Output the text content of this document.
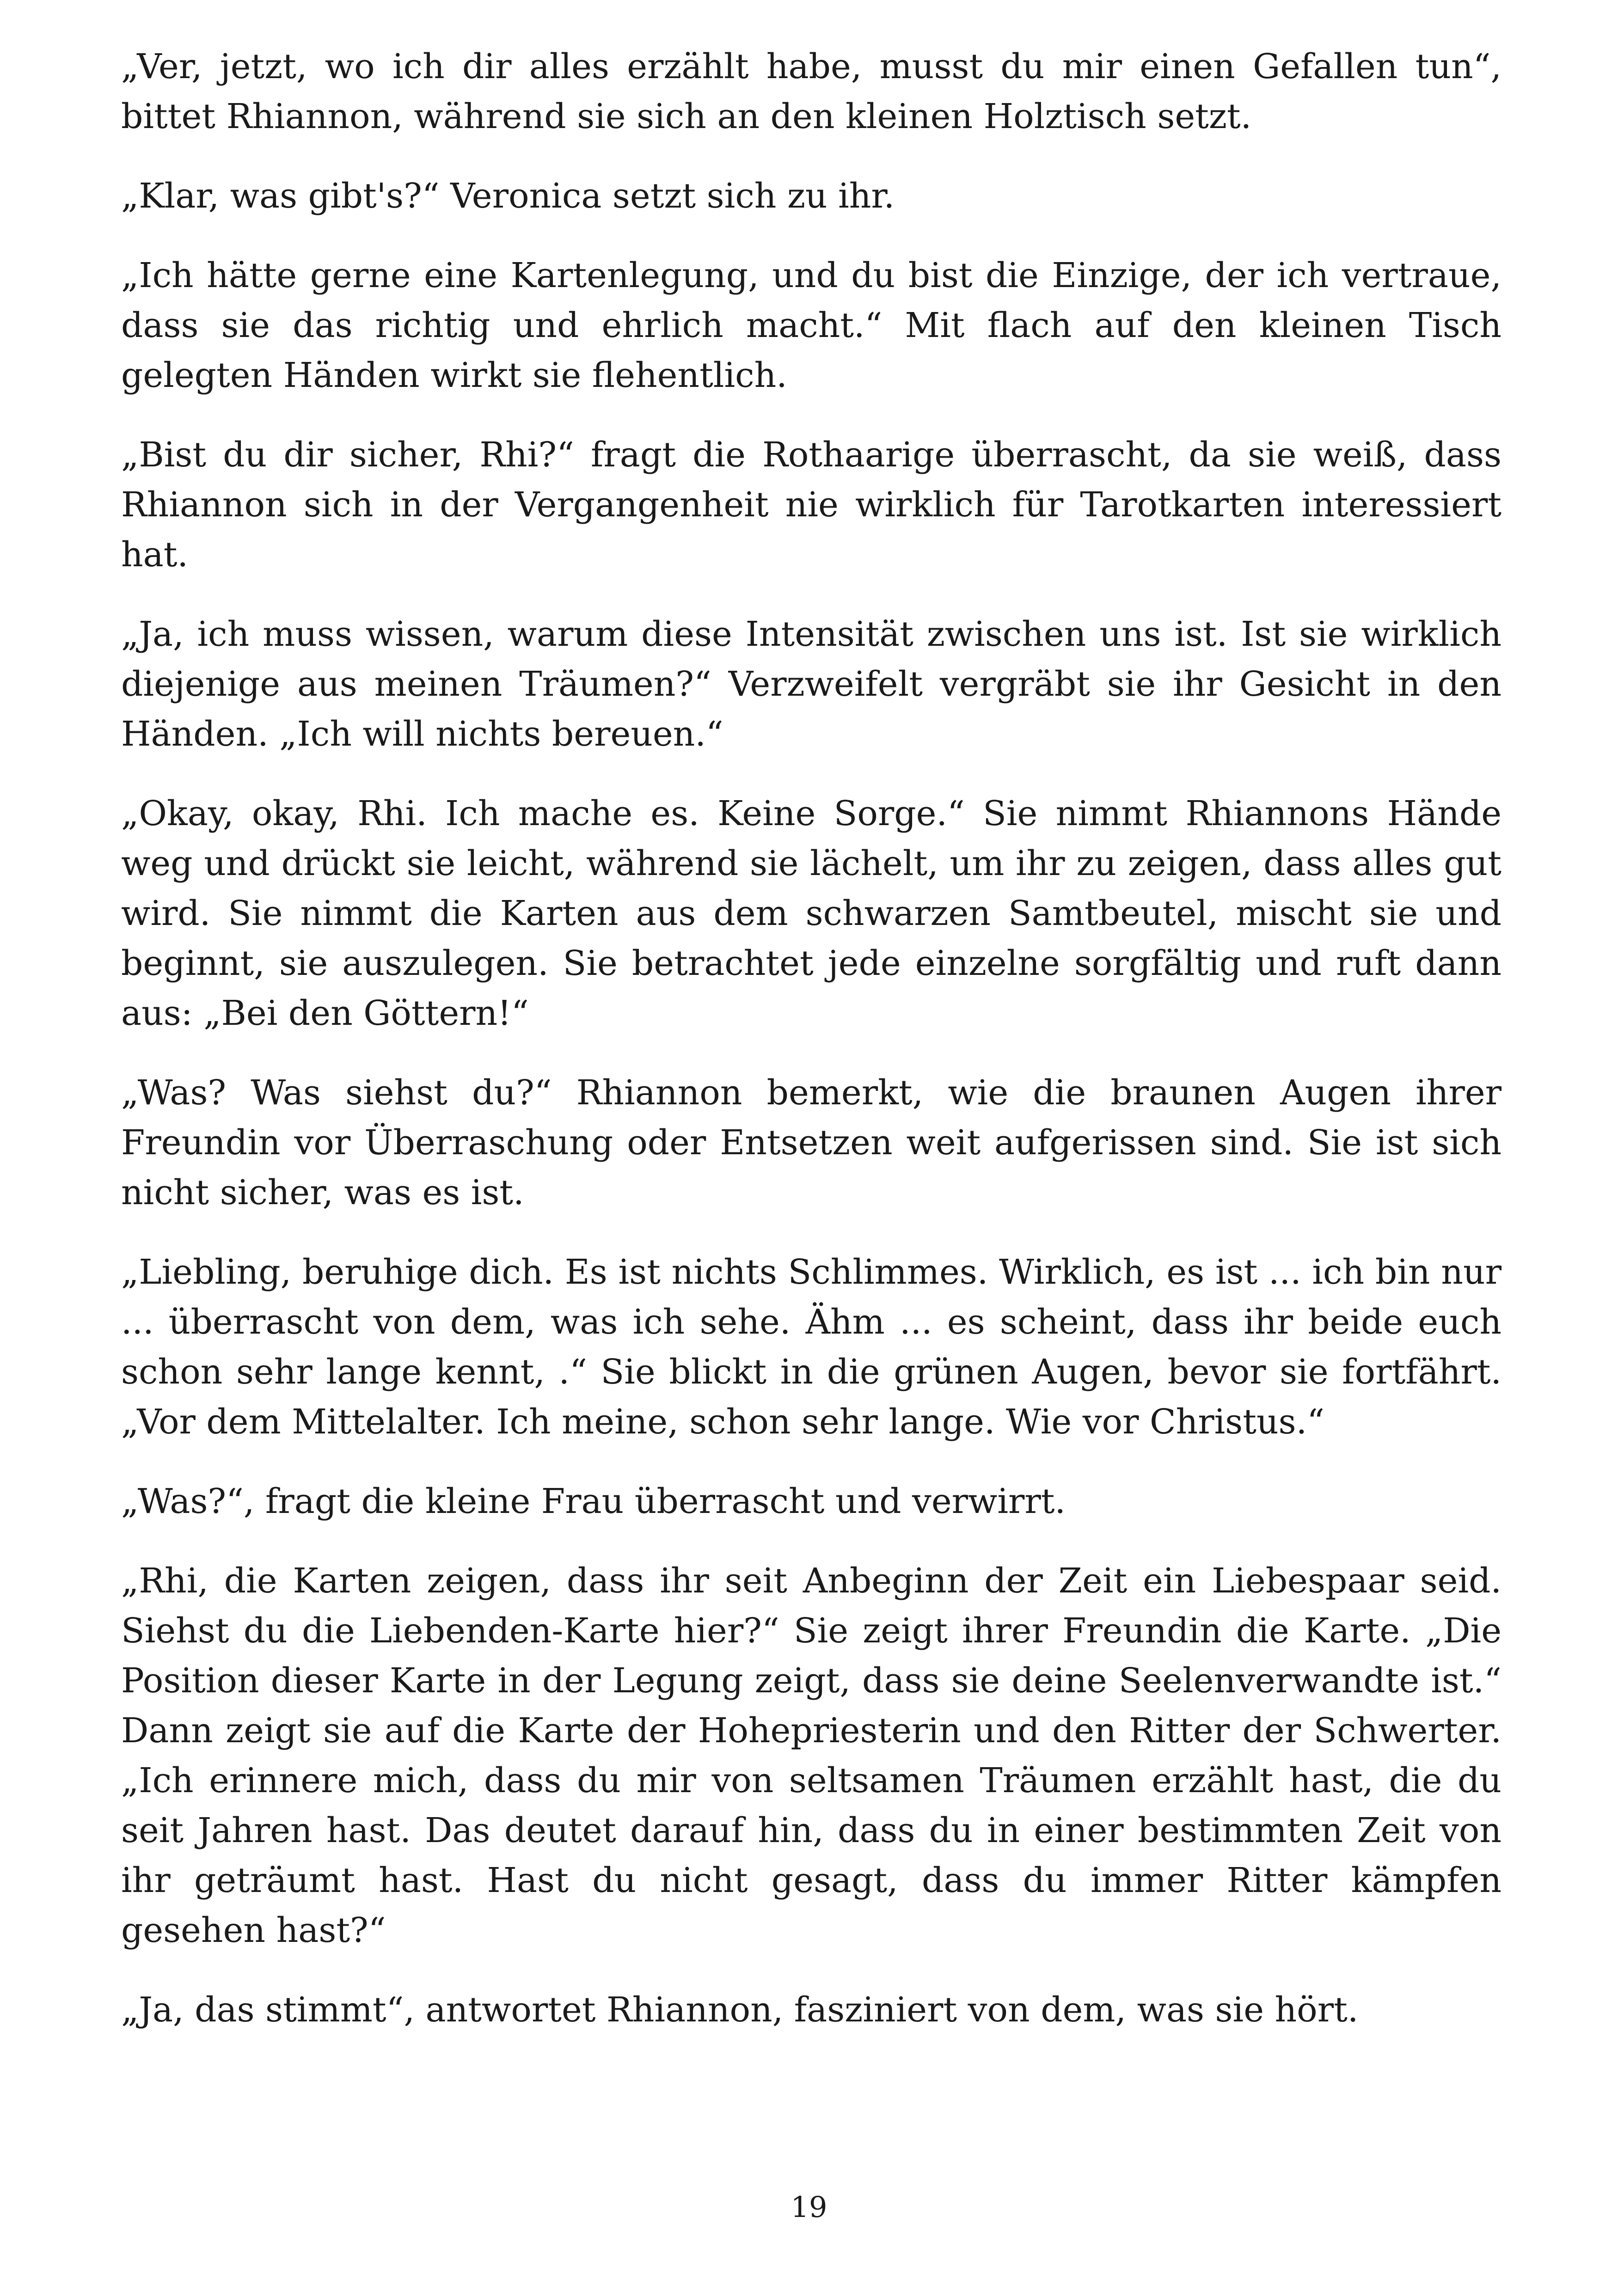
„Ver, jetzt, wo ich dir alles erzählt habe, musst du mir einen Gefallen tun“, bittet Rhiannon, während sie sich an den kleinen Holztisch setzt.

„Klar, was gibt's?“ Veronica setzt sich zu ihr.

„Ich hätte gerne eine Kartenlegung, und du bist die Einzige, der ich vertraue, dass sie das richtig und ehrlich macht.“ Mit flach auf den kleinen Tisch gelegten Händen wirkt sie flehentlich.

„Bist du dir sicher, Rhi?“ fragt die Rothaarige überrascht, da sie weiß, dass Rhiannon sich in der Vergangenheit nie wirklich für Tarotkarten interessiert hat.

„Ja, ich muss wissen, warum diese Intensität zwischen uns ist. Ist sie wirklich diejenige aus meinen Träumen?“ Verzweifelt vergräbt sie ihr Gesicht in den Händen. „Ich will nichts bereuen.“

„Okay, okay, Rhi. Ich mache es. Keine Sorge.“ Sie nimmt Rhiannons Hände weg und drückt sie leicht, während sie lächelt, um ihr zu zeigen, dass alles gut wird. Sie nimmt die Karten aus dem schwarzen Samtbeutel, mischt sie und beginnt, sie auszulegen. Sie betrachtet jede einzelne sorgfältig und ruft dann aus: „Bei den Göttern!“

„Was? Was siehst du?“ Rhiannon bemerkt, wie die braunen Augen ihrer Freundin vor Überraschung oder Entsetzen weit aufgerissen sind. Sie ist sich nicht sicher, was es ist.

„Liebling, beruhige dich. Es ist nichts Schlimmes. Wirklich, es ist ... ich bin nur ... überrascht von dem, was ich sehe. Ähm ... es scheint, dass ihr beide euch schon sehr lange kennt, .“ Sie blickt in die grünen Augen, bevor sie fortfährt. „Vor dem Mittelalter. Ich meine, schon sehr lange. Wie vor Christus.“

„Was?“, fragt die kleine Frau überrascht und verwirrt.

„Rhi, die Karten zeigen, dass ihr seit Anbeginn der Zeit ein Liebespaar seid. Siehst du die Liebenden-Karte hier?“ Sie zeigt ihrer Freundin die Karte. „Die Position dieser Karte in der Legung zeigt, dass sie deine Seelenverwandte ist.“ Dann zeigt sie auf die Karte der Hohepriesterin und den Ritter der Schwerter. „Ich erinnere mich, dass du mir von seltsamen Träumen erzählt hast, die du seit Jahren hast. Das deutet darauf hin, dass du in einer bestimmten Zeit von ihr geträumt hast. Hast du nicht gesagt, dass du immer Ritter kämpfen gesehen hast?“

„Ja, das stimmt“, antwortet Rhiannon, fasziniert von dem, was sie hört.

19
